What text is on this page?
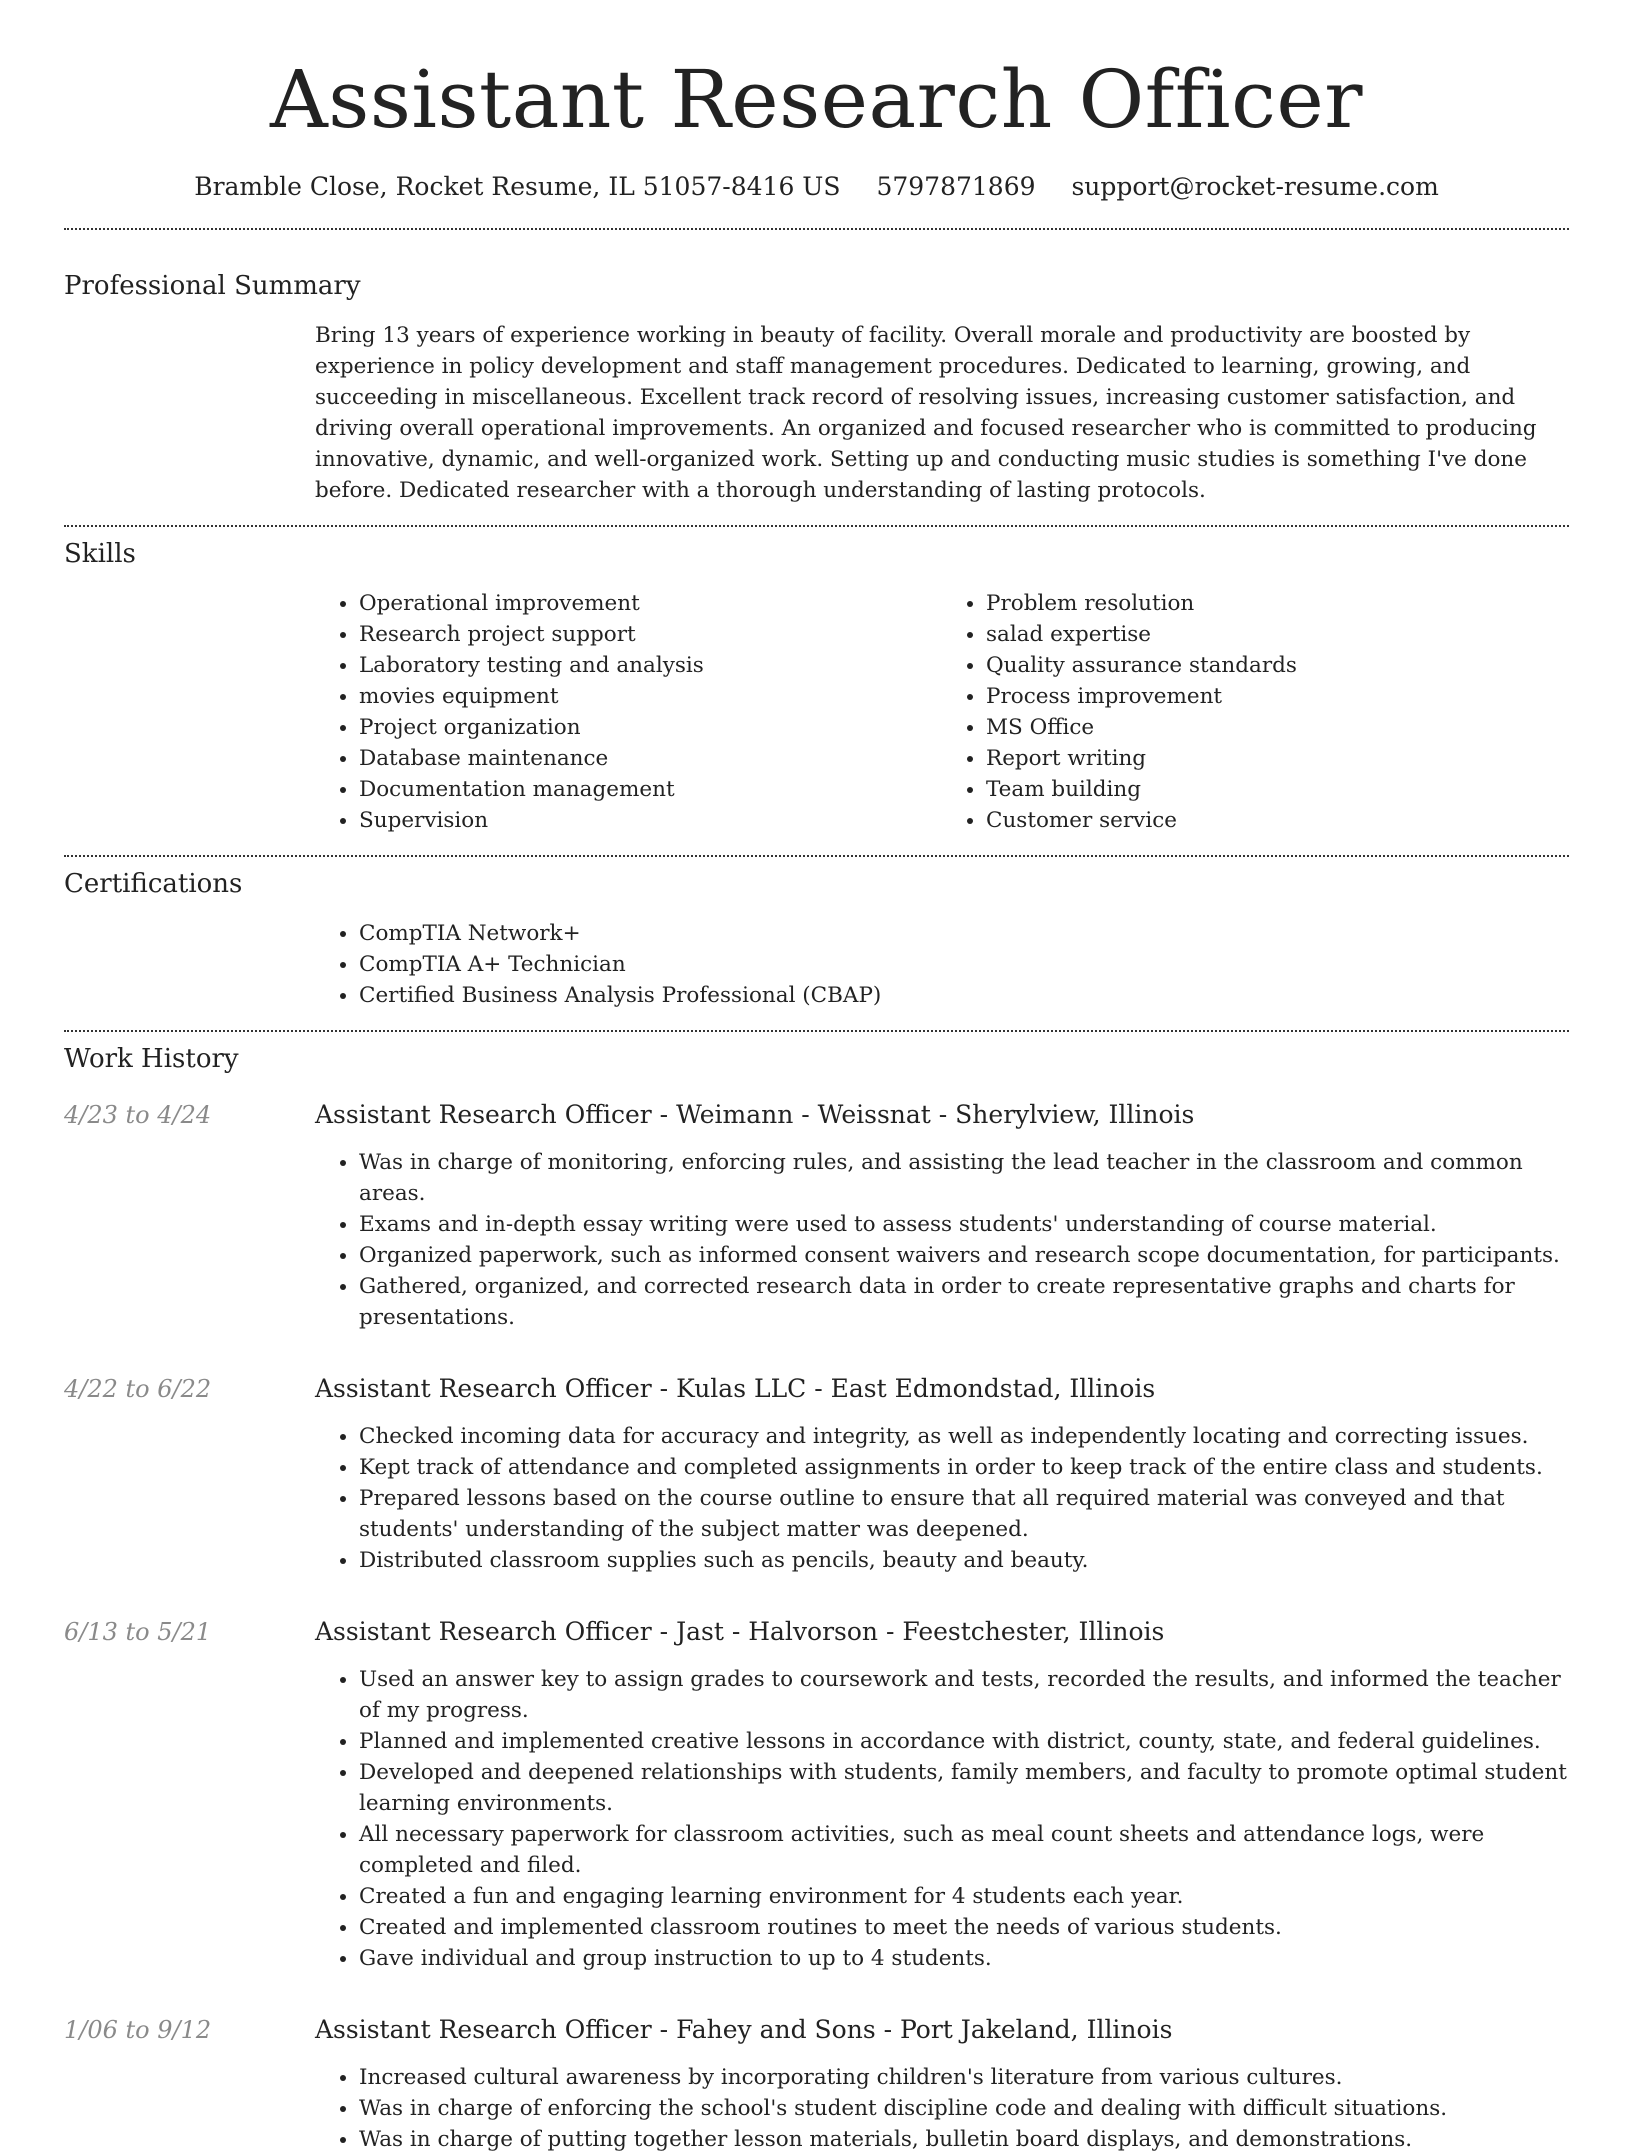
Assistant Research Officer
Bramble Close, Rocket Resume, IL 51057-8416 US 5797871869 support@rocket-resume.com
Professional Summary

Bring 13 years of experience working in beauty of facility. Overall morale and productivity are boosted by experience in policy development and staff management procedures. Dedicated to learning, growing, and succeeding in miscellaneous. Excellent track record of resolving issues, increasing customer satisfaction, and driving overall operational improvements. An organized and focused researcher who is committed to producing innovative, dynamic, and well-organized work. Setting up and conducting music studies is something I've done before. Dedicated researcher with a thorough understanding of lasting protocols.

Skills
• Operational improvement
• Research project support
• Laboratory testing and analysis
• movies equipment
• Project organization
• Database maintenance
• Documentation management
• Supervision
• Problem resolution
• salad expertise
• Quality assurance standards
• Process improvement
• MS Office
• Report writing
• Team building
• Customer service
Certifications
• CompTIA Network+
• CompTIA A+ Technician
• Certified Business Analysis Professional (CBAP)
Work History
4/23 to 4/24	Assistant Research Officer - Weimann - Weissnat - Sherylview, Illinois
• Was in charge of monitoring, enforcing rules, and assisting the lead teacher in the classroom and common areas.
• Exams and in-depth essay writing were used to assess students' understanding of course material.
• Organized paperwork, such as informed consent waivers and research scope documentation, for participants.
• Gathered, organized, and corrected research data in order to create representative graphs and charts for presentations.
4/22 to 6/22	Assistant Research Officer - Kulas LLC - East Edmondstad, Illinois
• Checked incoming data for accuracy and integrity, as well as independently locating and correcting issues.
• Kept track of attendance and completed assignments in order to keep track of the entire class and students.
• Prepared lessons based on the course outline to ensure that all required material was conveyed and that students' understanding of the subject matter was deepened.
• Distributed classroom supplies such as pencils, beauty and beauty.
6/13 to 5/21	Assistant Research Officer - Jast - Halvorson - Feestchester, Illinois
• Used an answer key to assign grades to coursework and tests, recorded the results, and informed the teacher of my progress.
• Planned and implemented creative lessons in accordance with district, county, state, and federal guidelines.
• Developed and deepened relationships with students, family members, and faculty to promote optimal student learning environments.
• All necessary paperwork for classroom activities, such as meal count sheets and attendance logs, were completed and filed.
• Created a fun and engaging learning environment for 4 students each year.
• Created and implemented classroom routines to meet the needs of various students.
• Gave individual and group instruction to up to 4 students.
1/06 to 9/12	Assistant Research Officer - Fahey and Sons - Port Jakeland, Illinois
• Increased cultural awareness by incorporating children's literature from various cultures.
• Was in charge of enforcing the school's student discipline code and dealing with difficult situations.
• Was in charge of putting together lesson materials, bulletin board displays, and demonstrations.
